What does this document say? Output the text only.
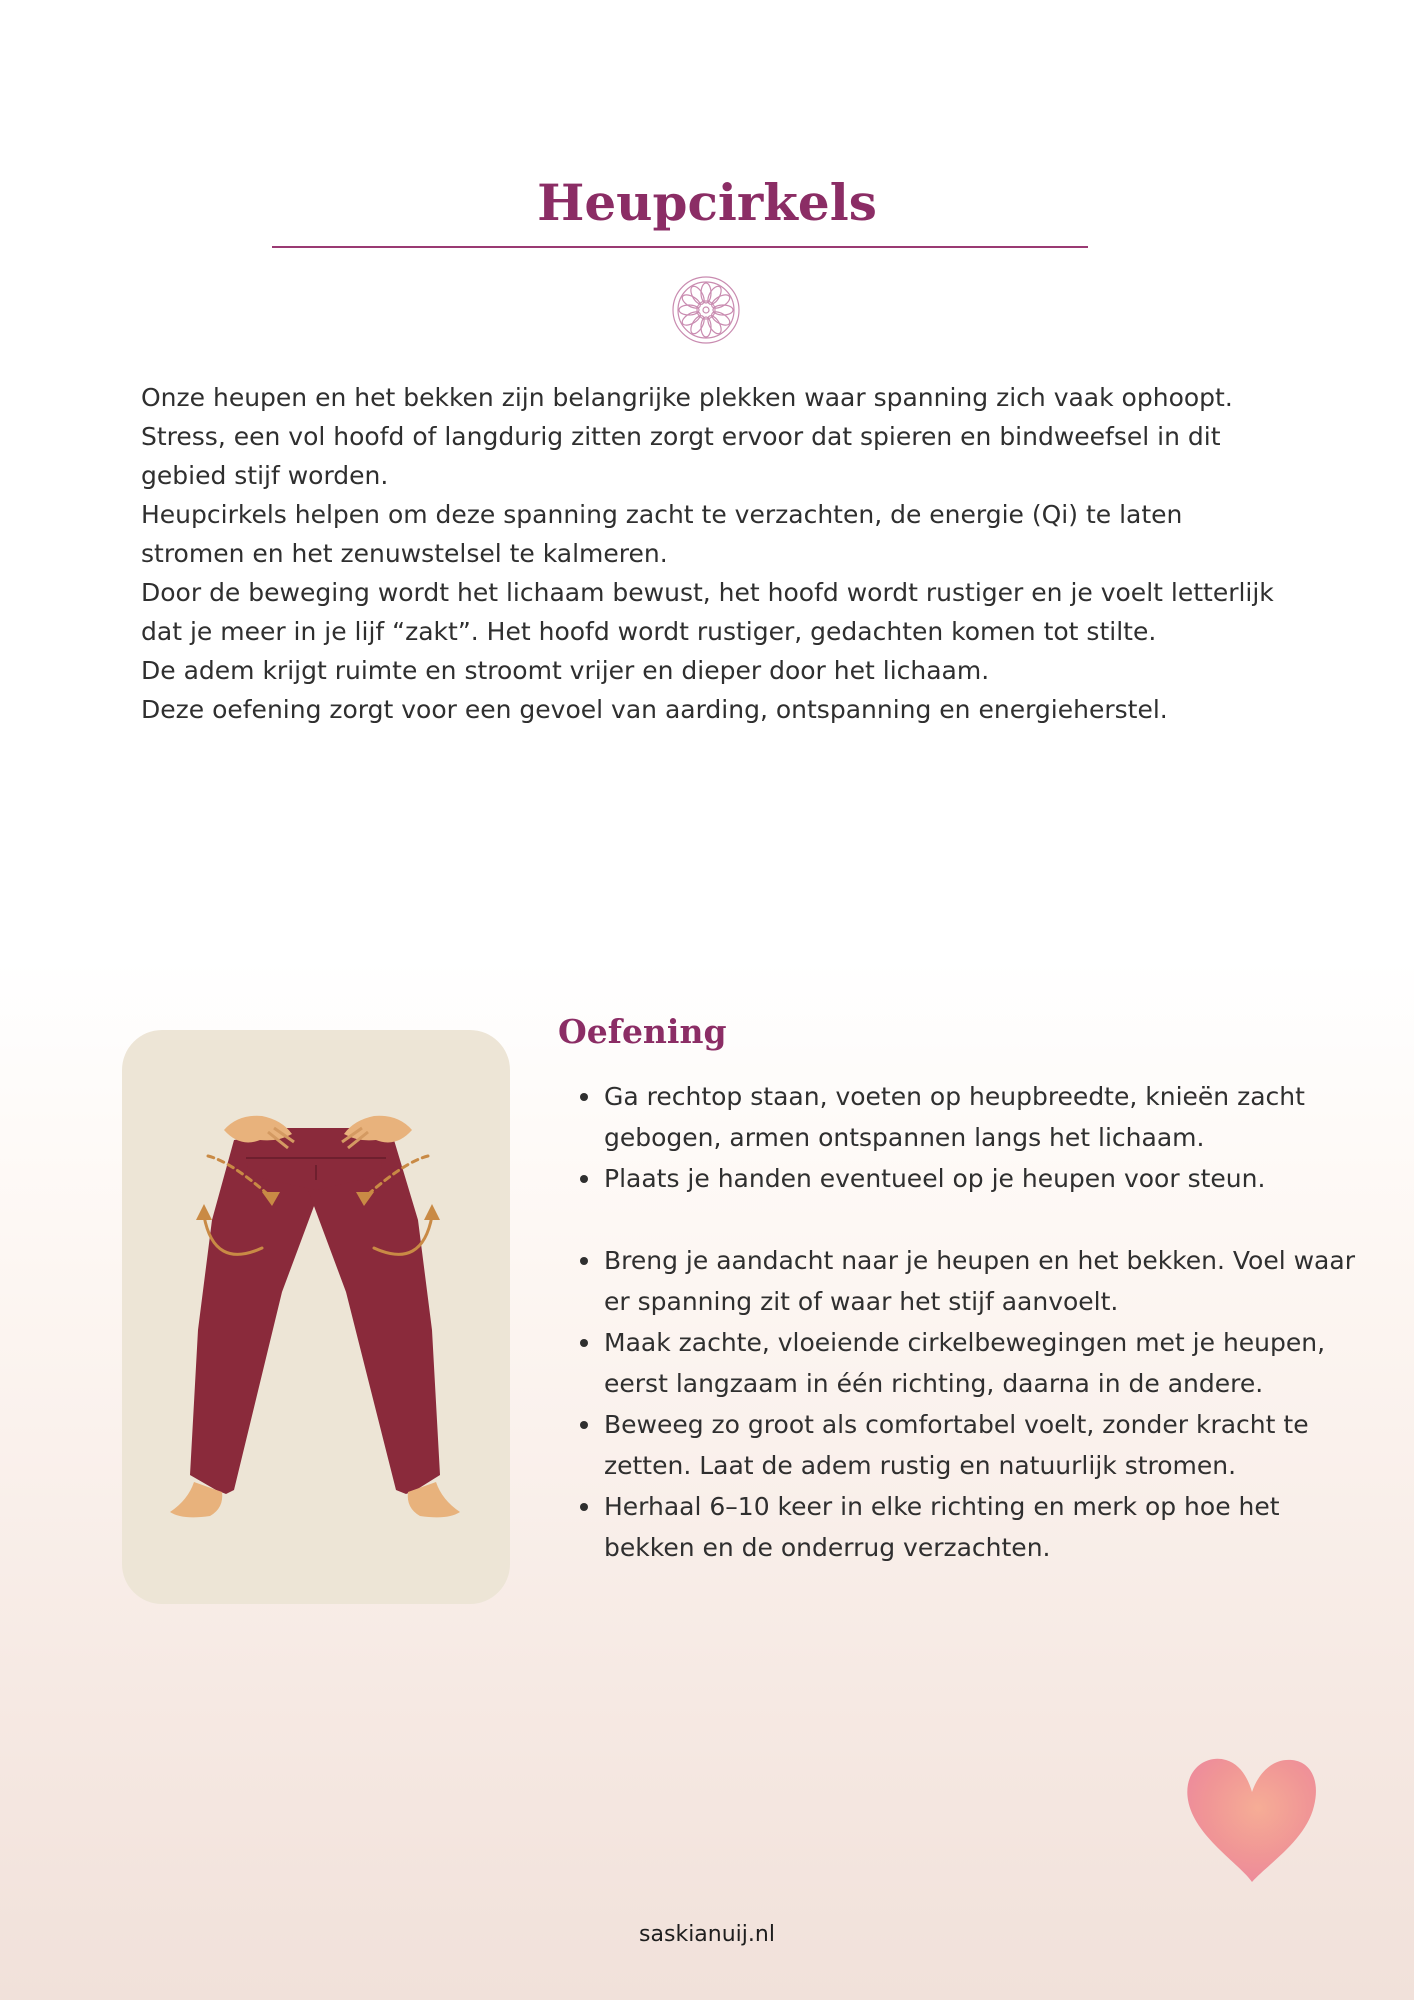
Heupcirkels

Onze heupen en het bekken zijn belangrijke plekken waar spanning zich vaak ophoopt. Stress, een vol hoofd of langdurig zitten zorgt ervoor dat spieren en bindweefsel in dit gebied stijf worden.

Heupcirkels helpen om deze spanning zacht te verzachten, de energie (Qi) te laten stromen en het zenuwstelsel te kalmeren.

Door de beweging wordt het lichaam bewust, het hoofd wordt rustiger en je voelt letterlijk dat je meer in je lijf “zakt”. Het hoofd wordt rustiger, gedachten komen tot stilte.

De adem krijgt ruimte en stroomt vrijer en dieper door het lichaam.

Deze oefening zorgt voor een gevoel van aarding, ontspanning en energieherstel.

Oefening
Ga rechtop staan, voeten op heupbreedte, knieën zacht gebogen, armen ontspannen langs het lichaam.
Plaats je handen eventueel op je heupen voor steun.
Breng je aandacht naar je heupen en het bekken. Voel waar er spanning zit of waar het stijf aanvoelt.
Maak zachte, vloeiende cirkelbewegingen met je heupen, eerst langzaam in één richting, daarna in de andere.
Beweeg zo groot als comfortabel voelt, zonder kracht te zetten. Laat de adem rustig en natuurlijk stromen.
Herhaal 6–10 keer in elke richting en merk op hoe het bekken en de onderrug verzachten.
saskianuij.nl
